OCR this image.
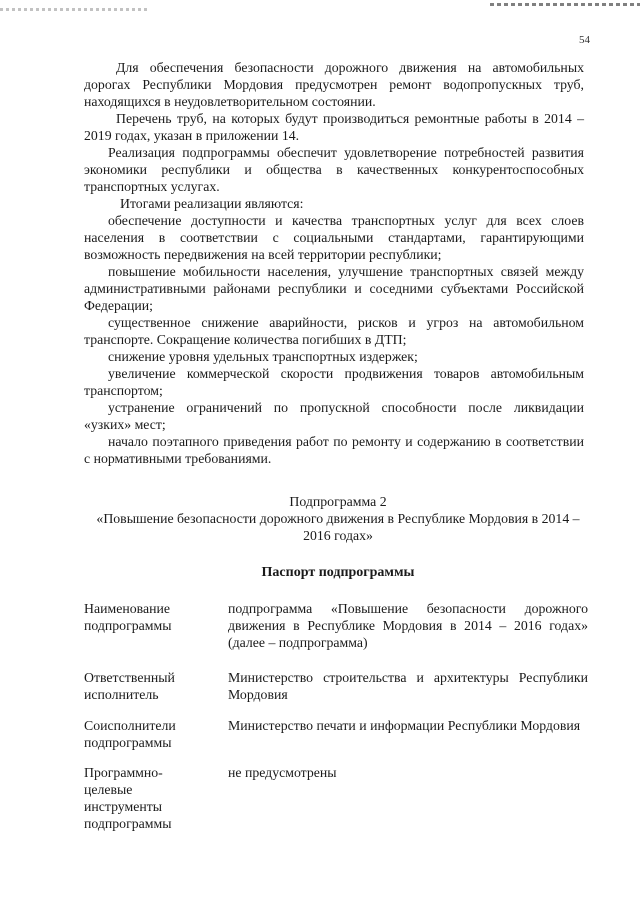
54

Для обеспечения безопасности дорожного движения на автомобильных дорогах Республики Мордовия предусмотрен ремонт водопропускных труб, находящихся в неудовлетворительном состоянии.

Перечень труб, на которых будут производиться ремонтные работы в 2014 – 2019 годах, указан в приложении 14.

Реализация подпрограммы обеспечит удовлетворение потребностей развития экономики республики и общества в качественных конкурентоспособных транспортных услугах.

Итогами реализации являются:

обеспечение доступности и качества транспортных услуг для всех слоев населения в соответствии с социальными стандартами, гарантирующими возможность передвижения на всей территории республики;

повышение мобильности населения, улучшение транспортных связей между административными районами республики и соседними субъектами Российской Федерации;

существенное снижение аварийности, рисков и угроз на автомобильном транспорте. Сокращение количества погибших в ДТП;

снижение уровня удельных транспортных издержек;

увеличение коммерческой скорости продвижения товаров автомобильным транспортом;

устранение ограничений по пропускной способности после ликвидации «узких» мест;

начало поэтапного приведения работ по ремонту и содержанию в соответствии с нормативными требованиями.

Подпрограмма 2
«Повышение безопасности дорожного движения в Республике Мордовия в 2014 – 2016 годах»
Паспорт подпрограммы
Наименование подпрограммы
подпрограмма «Повышение безопасности дорожного движения в Республике Мордовия в 2014 – 2016 годах» (далее – подпрограмма)
Ответственный исполнитель
Министерство строительства и архитектуры Республики Мордовия
Соисполнители подпрограммы
Министерство печати и информации Республики Мордовия
Программно-целевые инструменты подпрограммы
не предусмотрены
